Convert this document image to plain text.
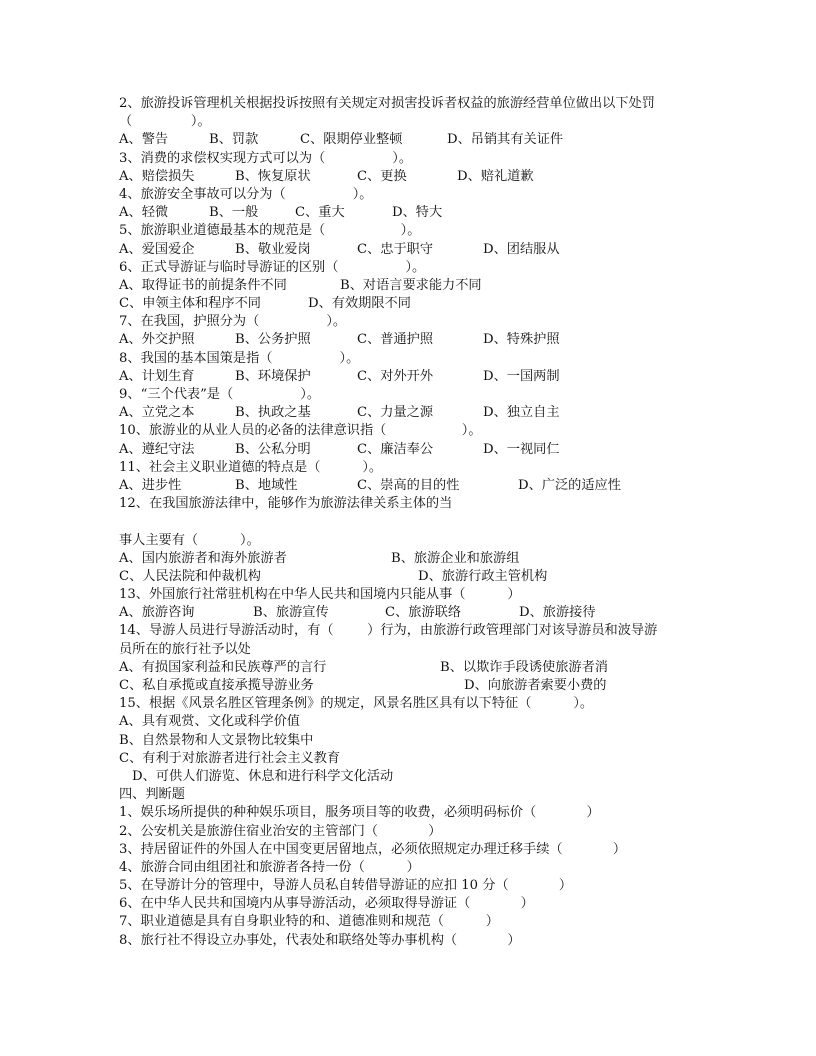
2、旅游投诉管理机关根据投诉按照有关规定对损害投诉者权益的旅游经营单位做出以下处罚
（              ）。

A、警告

	B、罚款

	C、限期停业整顿

	D、吊销其有关证件

3、消费的求偿权实现方式可以为（                ）。

A、赔偿损失

	B、恢复原状

	C、更换

	D、赔礼道歉

4、旅游安全事故可以分为（                ）。

A、轻微

	B、一般

	C、重大

	D、特大

5、旅游职业道德最基本的规范是（                  ）。

A、爱国爱企

	B、敬业爱岗

	C、忠于职守

	D、团结服从

6、正式导游证与临时导游证的区别（                ）。

A、取得证书的前提条件不同

	B、对语言要求能力不同

C、申领主体和程序不同

	D、有效期限不同

7、在我国，护照分为（                ）。

A、外交护照

	B、公务护照

	C、普通护照

	D、特殊护照

8、我国的基本国策是指（                ）。

A、计划生育

	B、环境保护

	C、对外开外

	D、一国两制

9、“三个代表”是（                ）。

A、立党之本

	B、执政之基

	C、力量之源

	D、独立自主

10、旅游业的从业人员的必备的法律意识指（                  ）。

A、遵纪守法

	B、公私分明

	C、廉洁奉公

	D、一视同仁

11、社会主义职业道德的特点是（          ）。

A、进步性

	B、地域性

	C、崇高的目的性

	D、广泛的适应性

12、在我国旅游法律中，能够作为旅游法律关系主体的当
事人主要有（          ）。

A、国内旅游者和海外旅游者

	B、旅游企业和旅游组

C、人民法院和仲裁机构

	D、旅游行政主管机构

13、外国旅行社常驻机构在中华人民共和国境内只能从事（          ）

A、旅游咨询

	B、旅游宣传

	C、旅游联络

	D、旅游接待

14、导游人员进行导游活动时，有（        ）行为，由旅游行政管理部门对该导游员和波导游
员所在的旅行社予以处

A、有损国家利益和民族尊严的言行

	B、以欺诈手段诱使旅游者消

C、私自承揽或直接承揽导游业务

	D、向旅游者索要小费的

15、根据《风景名胜区管理条例》的规定，风景名胜区具有以下特征（          ）。
A、具有观赏、文化或科学价值
B、自然景物和人文景物比较集中
C、有利于对旅游者进行社会主义教育
D、可供人们游览、休息和进行科学文化活动
四、判断题
1、娱乐场所提供的种种娱乐项目，服务项目等的收费，必须明码标价（            ）
2、公安机关是旅游住宿业治安的主管部门（            ）
3、持居留证件的外国人在中国变更居留地点，必须依照规定办理迁移手续（            ）
4、旅游合同由组团社和旅游者各持一份（          ）
5、在导游计分的管理中，导游人员私自转借导游证的应扣 10 分（            ）
6、在中华人民共和国境内从事导游活动，必须取得导游证（            ）
7、职业道德是具有自身职业特的和、道德准则和规范（          ）
8、旅行社不得设立办事处，代表处和联络处等办事机构（            ）
